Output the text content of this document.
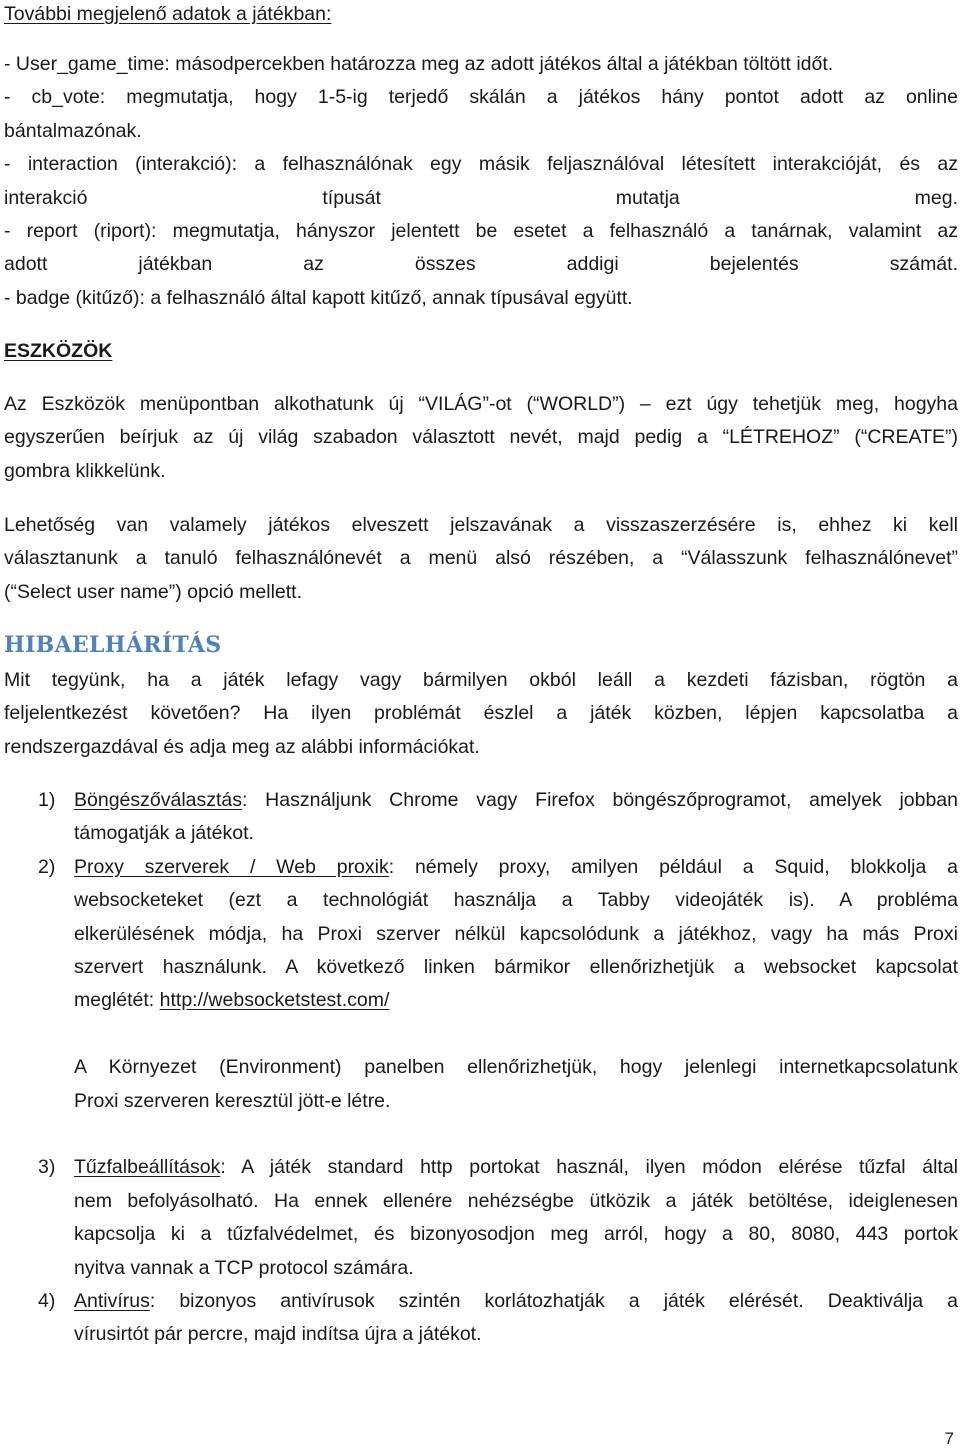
További megjelenő adatok a játékban:
- User_game_time: másodpercekben határozza meg az adott játékos által a játékban töltött időt.
- cb_vote: megmutatja, hogy 1-5-ig terjedő skálán a játékos hány pontot adott az online
bántalmazónak.
- interaction (interakció): a felhasználónak egy másik feljasználóval létesített interakcióját, és az
interakció típusát mutatja meg.
- report (riport): megmutatja, hányszor jelentett be esetet a felhasználó a tanárnak, valamint az
adott játékban az összes addigi bejelentés számát.
- badge (kitűző): a felhasználó által kapott kitűző, annak típusával együtt.
ESZKÖZÖK
Az Eszközök menüpontban alkothatunk új “VILÁG”-ot (“WORLD”) – ezt úgy tehetjük meg, hogyha
egyszerűen beírjuk az új világ szabadon választott nevét, majd pedig a “LÉTREHOZ” (“CREATE”)
gombra klikkelünk.
Lehetőség van valamely játékos elveszett jelszavának a visszaszerzésére is, ehhez ki kell
választanunk a tanuló felhasználónevét a menü alsó részében, a “Válasszunk felhasználónevet”
(“Select user name”) opció mellett.
HIBAELHÁRÍTÁS
Mit tegyünk, ha a játék lefagy vagy bármilyen okból leáll a kezdeti fázisban, rögtön a
feljelentkezést követően? Ha ilyen problémát észlel a játék közben, lépjen kapcsolatba a
rendszergazdával és adja meg az alábbi információkat.
1) Böngészőválasztás: Használjunk Chrome vagy Firefox böngészőprogramot, amelyek jobban
támogatják a játékot.
2) Proxy szerverek / Web proxik: némely proxy, amilyen például a Squid, blokkolja a
websocketeket (ezt a technológiát használja a Tabby videojáték is). A probléma
elkerülésének módja, ha Proxi szerver nélkül kapcsolódunk a játékhoz, vagy ha más Proxi
szervert használunk. A következő linken bármikor ellenőrizhetjük a websocket kapcsolat
meglétét: http://websocketstest.com/
A Környezet (Environment) panelben ellenőrizhetjük, hogy jelenlegi internetkapcsolatunk
Proxi szerveren keresztül jött-e létre.
3) Tűzfalbeállítások: A játék standard http portokat használ, ilyen módon elérése tűzfal által
nem befolyásolható. Ha ennek ellenére nehézségbe ütközik a játék betöltése, ideiglenesen
kapcsolja ki a tűzfalvédelmet, és bizonyosodjon meg arról, hogy a 80, 8080, 443 portok
nyitva vannak a TCP protocol számára.
4) Antivírus: bizonyos antivírusok szintén korlátozhatják a játék elérését. Deaktiválja a
vírusirtót pár percre, majd indítsa újra a játékot.
7
